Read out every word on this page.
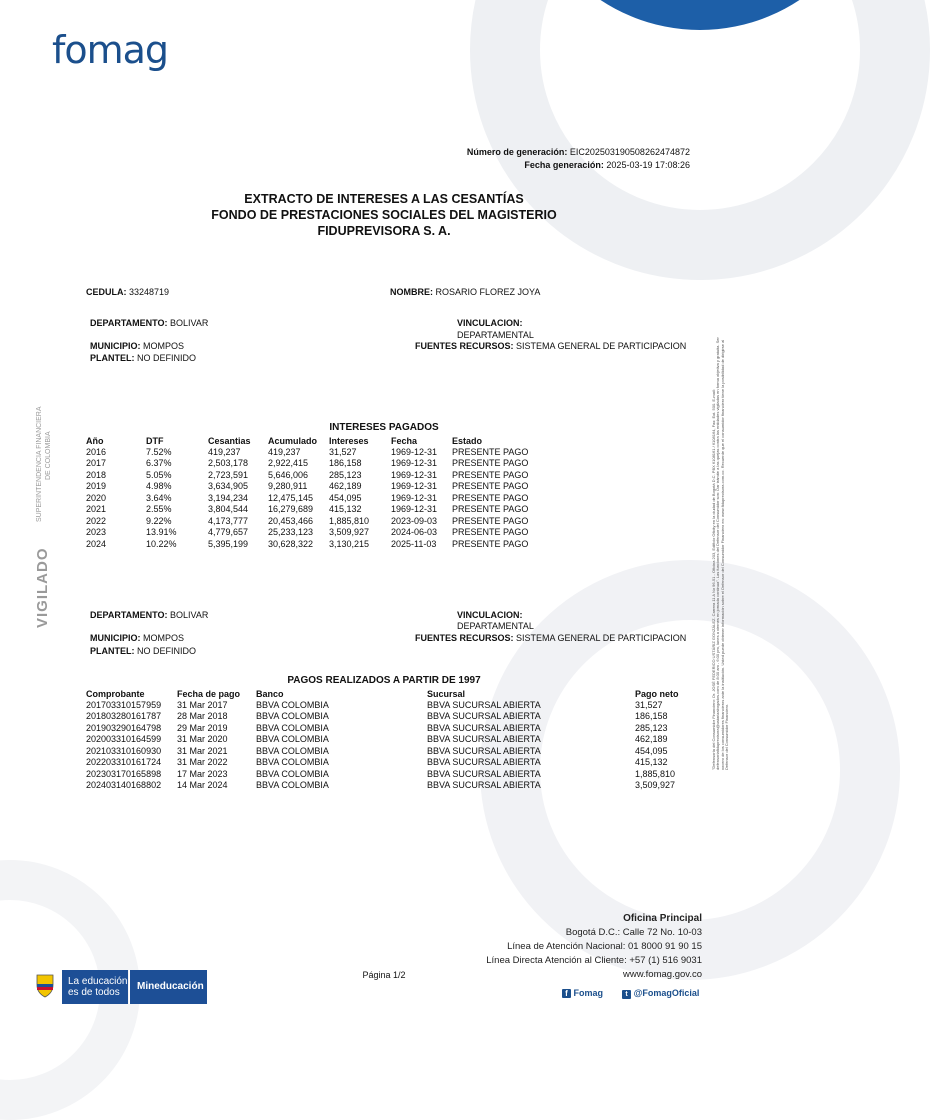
fomag
Número de generación: EIC202503190508262474872
Fecha generación: 2025-03-19 17:08:26
EXTRACTO DE INTERESES A LAS CESANTÍAS
FONDO DE PRESTACIONES SOCIALES DEL MAGISTERIO
FIDUPREVISORA S. A.
CEDULA: 33248719	NOMBRE: ROSARIO FLOREZ JOYA
DEPARTAMENTO: BOLIVAR
MUNICIPIO: MOMPOS
PLANTEL: NO DEFINIDO
VINCULACION:
DEPARTAMENTAL
FUENTES RECURSOS: SISTEMA GENERAL DE PARTICIPACION
INTERESES PAGADOS
Año	DTF	Cesantias	Acumulado	Intereses	Fecha	Estado
2016	7.52%	419,237	419,237	31,527	1969-12-31	PRESENTE PAGO
2017	6.37%	2,503,178	2,922,415	186,158	1969-12-31	PRESENTE PAGO
2018	5.05%	2,723,591	5,646,006	285,123	1969-12-31	PRESENTE PAGO
2019	4.98%	3,634,905	9,280,911	462,189	1969-12-31	PRESENTE PAGO
2020	3.64%	3,194,234	12,475,145	454,095	1969-12-31	PRESENTE PAGO
2021	2.55%	3,804,544	16,279,689	415,132	1969-12-31	PRESENTE PAGO
2022	9.22%	4,173,777	20,453,466	1,885,810	2023-09-03	PRESENTE PAGO
2023	13.91%	4,779,657	25,233,123	3,509,927	2024-06-03	PRESENTE PAGO
2024	10.22%	5,395,199	30,628,322	3,130,215	2025-11-03	PRESENTE PAGO
DEPARTAMENTO: BOLIVAR
MUNICIPIO: MOMPOS
PLANTEL: NO DEFINIDO
VINCULACION:
DEPARTAMENTAL
FUENTES RECURSOS: SISTEMA GENERAL DE PARTICIPACION
PAGOS REALIZADOS A PARTIR DE 1997
Comprobante	Fecha de pago	Banco	Sucursal	Pago neto
201703310157959	31 Mar 2017	BBVA COLOMBIA	BBVA SUCURSAL ABIERTA	31,527
201803280161787	28 Mar 2018	BBVA COLOMBIA	BBVA SUCURSAL ABIERTA	186,158
201903290164798	29 Mar 2019	BBVA COLOMBIA	BBVA SUCURSAL ABIERTA	285,123
202003310164599	31 Mar 2020	BBVA COLOMBIA	BBVA SUCURSAL ABIERTA	462,189
202103310160930	31 Mar 2021	BBVA COLOMBIA	BBVA SUCURSAL ABIERTA	454,095
202203310161724	31 Mar 2022	BBVA COLOMBIA	BBVA SUCURSAL ABIERTA	415,132
202303170165898	17 Mar 2023	BBVA COLOMBIA	BBVA SUCURSAL ABIERTA	1,885,810
202403140168802	14 Mar 2024	BBVA COLOMBIA	BBVA SUCURSAL ABIERTA	3,509,927
VIGILADO
SUPERINTENDENCIA FINANCIERA DE COLOMBIA	"Defensoría del Consumidor Financiero: Dr. JOSÉ FEDERICO USTÁRIZ GONZÁLEZ. Carrera 11 A No 96-51 - Oficina 203, Edificio Oficity en la ciudad de Bogotá D.C. PBX 6108161 / 6108164, Fax: Ext. 500. E-mail: defensoriafiduprevisora@ustarizabogados.com de 8:00 am - 6:00 pm, lunes a viernes en jornada continua". Las funciones del Defensor del Consumidor son: Dar trámite a las quejas contra las entidades vigiladas en forma objetiva y gratuita. Ser vocero de los consumidores financieros ante la institución. Usted puede obtener información sobre el Defensor del Consumidor Financiero en: www.fiduprevisora.com.co. Recuerde que el consumidor financiero tiene la posibilidad de dirigirse al Defensor del Consumidor Financiero.
Página 1/2
Oficina Principal
Bogotá D.C.: Calle 72 No. 10-03
Línea de Atención Nacional: 01 8000 91 90 15
Línea Directa Atención al Cliente: +57 (1) 516 9031
www.fomag.gov.co
f Fomag	t @FomagOficial
La educación
es de todos
Mineducación
